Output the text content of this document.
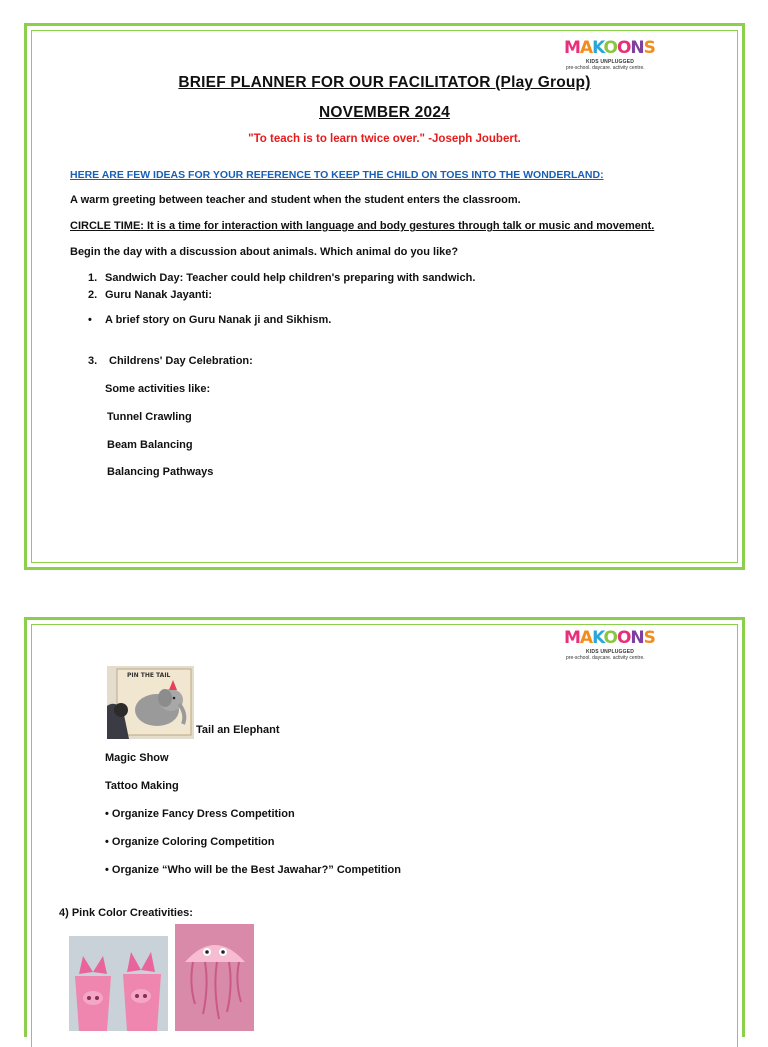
MAKOONS
KIDS UNPLUGGED
pre-school. daycare. activity centre.

BRIEF PLANNER FOR OUR FACILITATOR (Play Group)

NOVEMBER 2024

"To teach is to learn twice over." -Joseph Joubert.

HERE ARE FEW IDEAS FOR YOUR REFERENCE TO KEEP THE CHILD ON TOES INTO THE WONDERLAND:

A warm greeting between teacher and student when the student enters the classroom.

CIRCLE TIME: It is a time for interaction with language and body gestures through talk or music and movement.

Begin the day with a discussion about animals. Which animal do you like?

1. Sandwich Day: Teacher could help children's preparing with sandwich.

2. Guru Nanak Jayanti:

• A brief story on Guru Nanak ji and Sikhism.

3. Childrens' Day Celebration:

Some activities like:

Tunnel Crawling

Beam Balancing

Balancing Pathways

MAKOONS
KIDS UNPLUGGED
pre-school. daycare. activity centre.
PIN THE TAIL

Tail an Elephant

Magic Show

Tattoo Making

• Organize Fancy Dress Competition

• Organize Coloring Competition

• Organize “Who will be the Best Jawahar?” Competition

4) Pink Color Creativities:
